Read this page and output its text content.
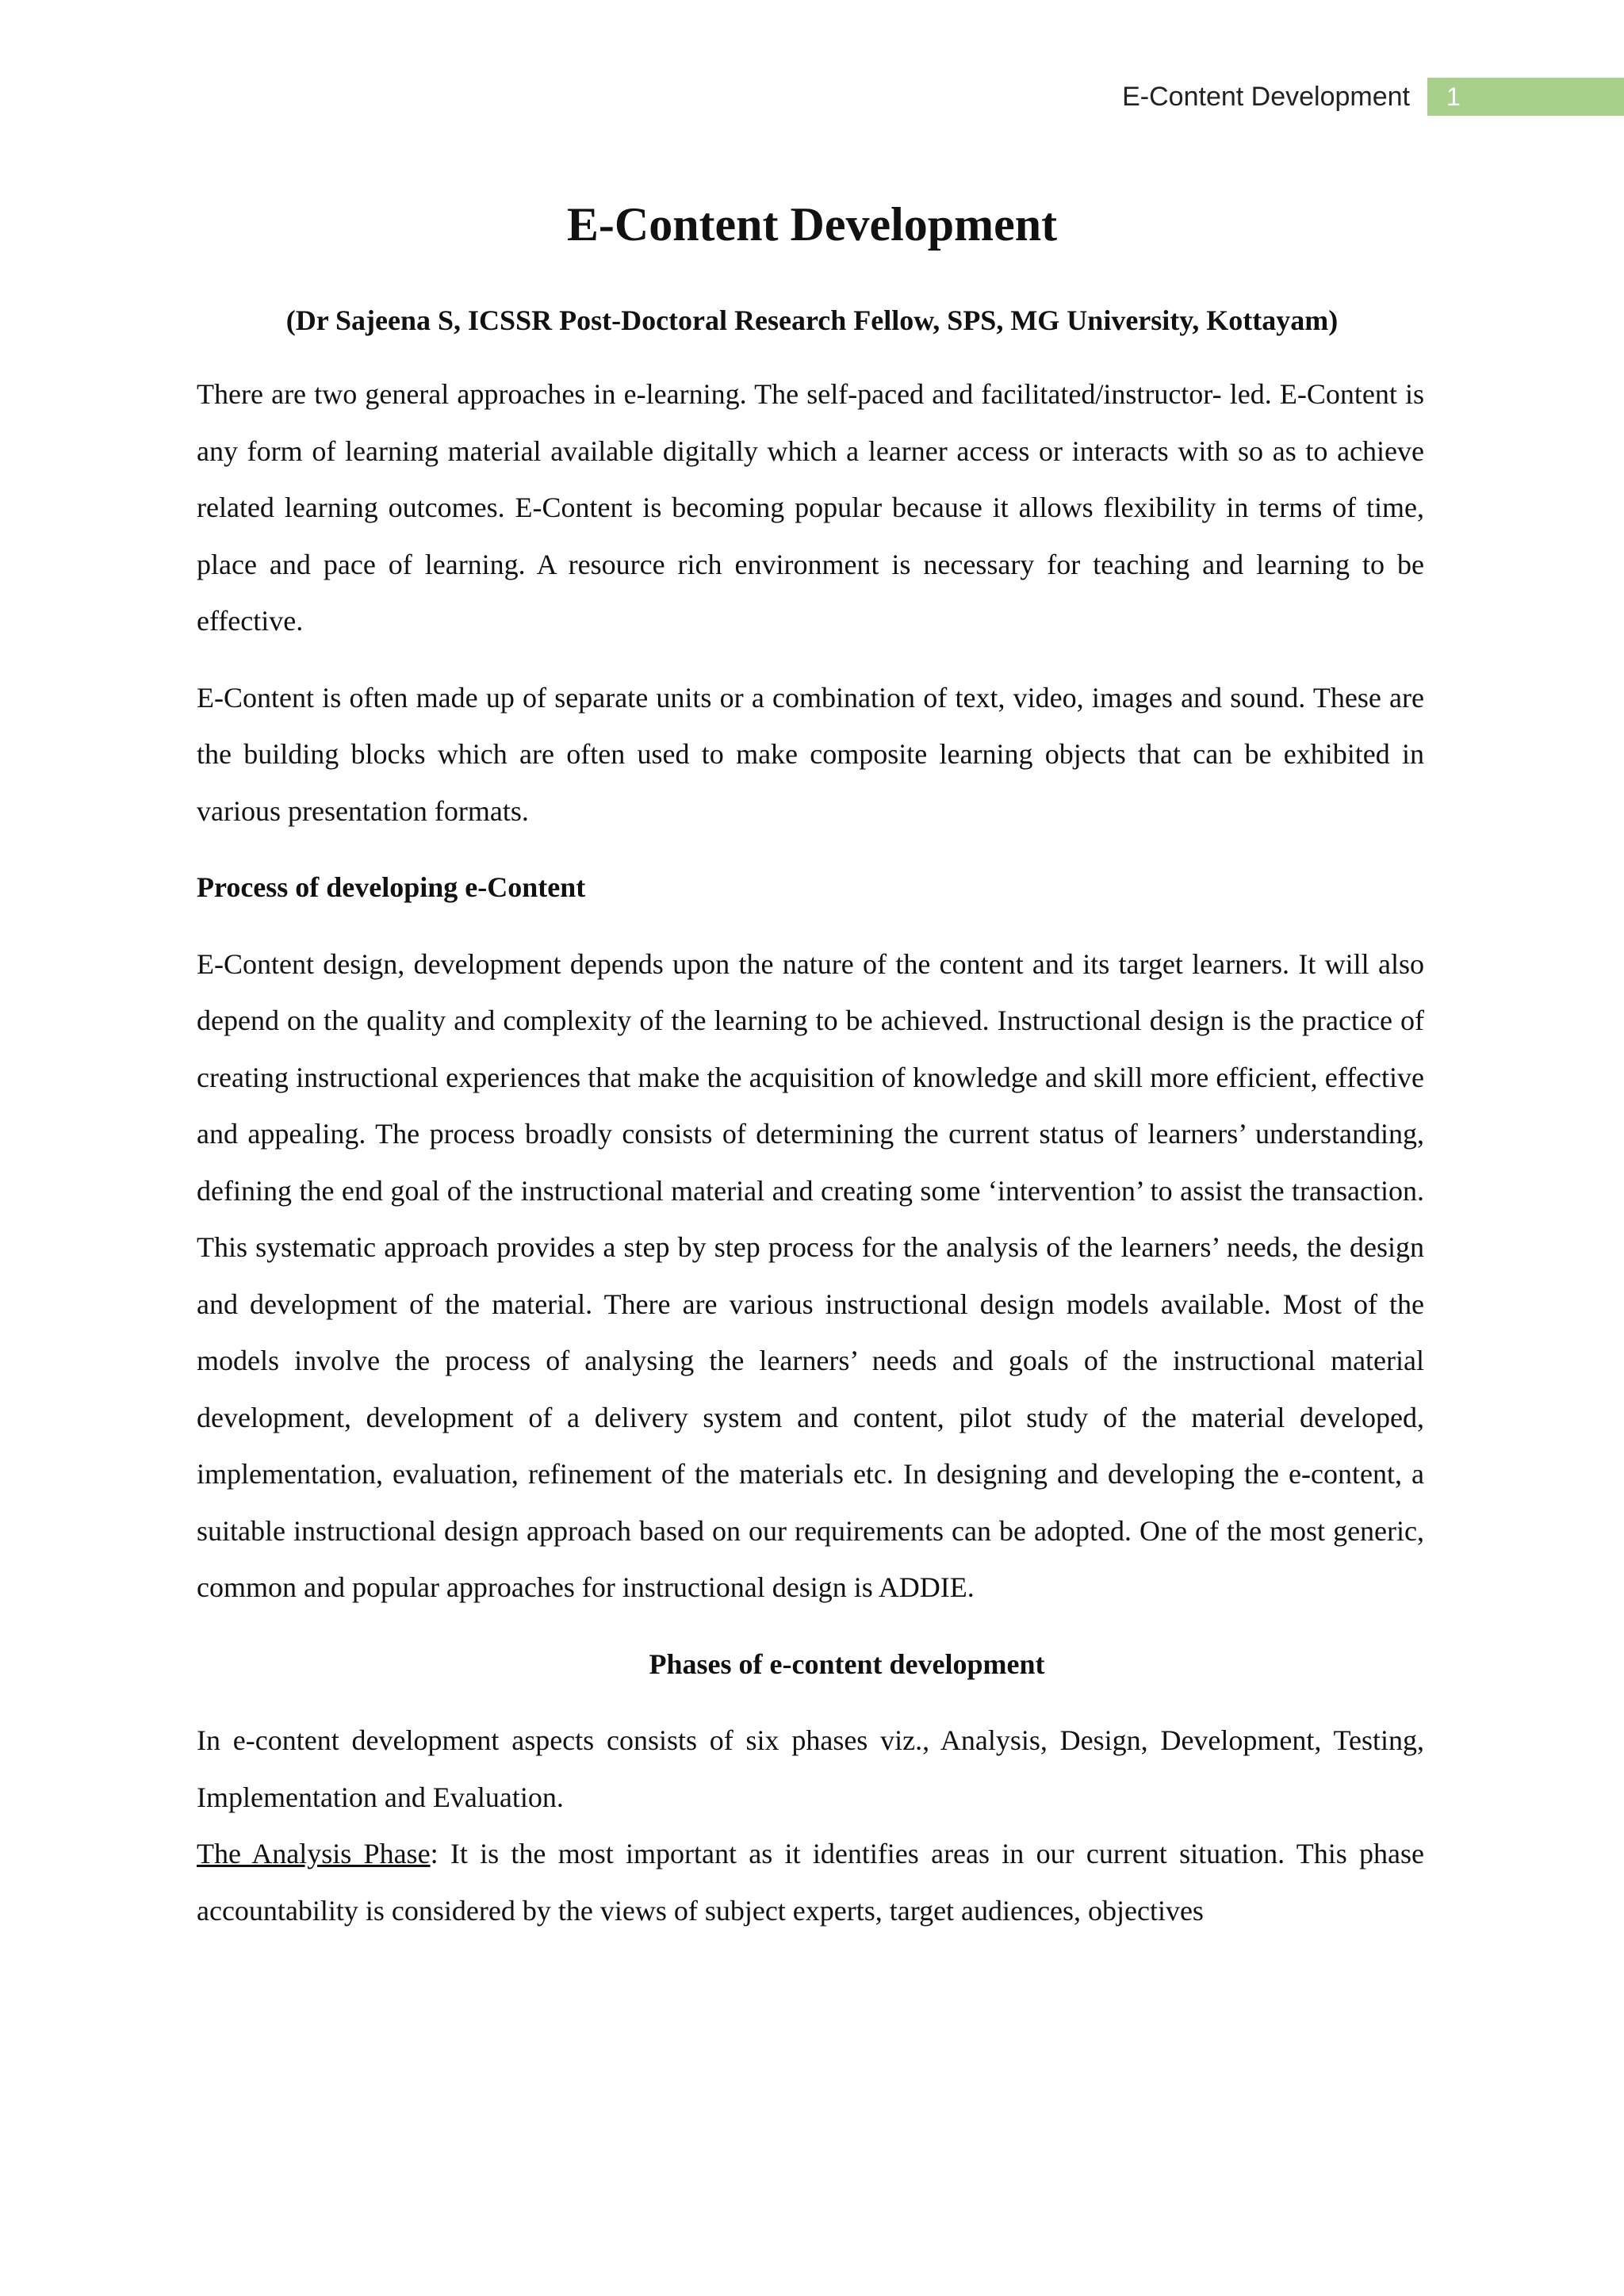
E-Content Development 1
E-Content Development

(Dr Sajeena S, ICSSR Post-Doctoral Research Fellow, SPS, MG University, Kottayam)

There are two general approaches in e-learning. The self-paced and facilitated/instructor- led. E-Content is any form of learning material available digitally which a learner access or interacts with so as to achieve related learning outcomes. E-Content is becoming popular because it allows flexibility in terms of time, place and pace of learning. A resource rich environment is necessary for teaching and learning to be effective.

E-Content is often made up of separate units or a combination of text, video, images and sound. These are the building blocks which are often used to make composite learning objects that can be exhibited in various presentation formats.

Process of developing e-Content

E-Content design, development depends upon the nature of the content and its target learners. It will also depend on the quality and complexity of the learning to be achieved. Instructional design is the practice of creating instructional experiences that make the acquisition of knowledge and skill more efficient, effective and appealing. The process broadly consists of determining the current status of learners’ understanding, defining the end goal of the instructional material and creating some ‘intervention’ to assist the transaction. This systematic approach provides a step by step process for the analysis of the learners’ needs, the design and development of the material. There are various instructional design models available. Most of the models involve the process of analysing the learners’ needs and goals of the instructional material development, development of a delivery system and content, pilot study of the material developed, implementation, evaluation, refinement of the materials etc. In designing and developing the e-content, a suitable instructional design approach based on our requirements can be adopted. One of the most generic, common and popular approaches for instructional design is ADDIE.

Phases of e-content development

In e-content development aspects consists of six phases viz., Analysis, Design, Development, Testing, Implementation and Evaluation.

The Analysis Phase: It is the most important as it identifies areas in our current situation. This phase accountability is considered by the views of subject experts, target audiences, objectives
